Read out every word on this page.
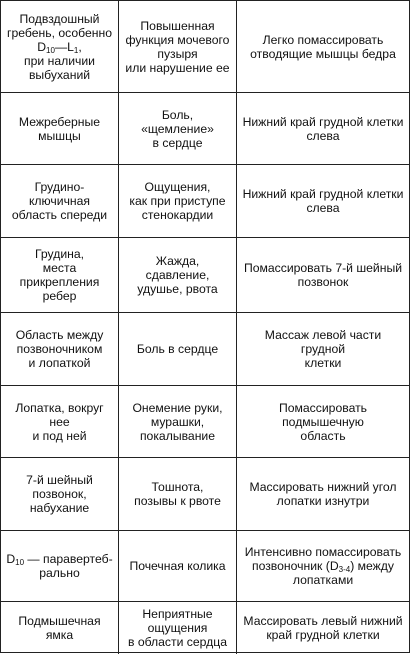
Подвздошный
гребень, особенно
$D_{10}—L_1$,
при наличии
выбуханий
Повышенная
функция мочевого
пузыря
или нарушение ее
Легко помассировать
отводящие мышцы бедра
Межреберные
мышцы
Боль,
«щемление»
в сердце
Нижний край грудной клетки
слева
Грудино-ключичная
область спереди
Ощущения,
как при приступе
стенокардии
Нижний край грудной клетки
слева
Грудина,
места прикрепления
ребер
Жажда, сдавление,
удушье, рвота
Помассировать 7-й шейный
позвонок
Область между
позвоночником
и лопаткой
Боль в сердце
Массаж левой части грудной
клетки
Лопатка, вокруг нее
и под ней
Онемение руки,
мурашки,
покалывание
Помассировать
подмышечную
область
7-й шейный
позвонок, набухание
Тошнота,
позывы к рвоте
Массировать нижний угол
лопатки изнутри
$D_{10}$ — паравертеб-
рально	Почечная колика
Интенсивно помассировать
позвоночник $(D_{3-4})$ между
лопатками
Подмышечная ямка
Неприятные
ощущения
в области сердца
Массировать левый нижний
край грудной клетки
